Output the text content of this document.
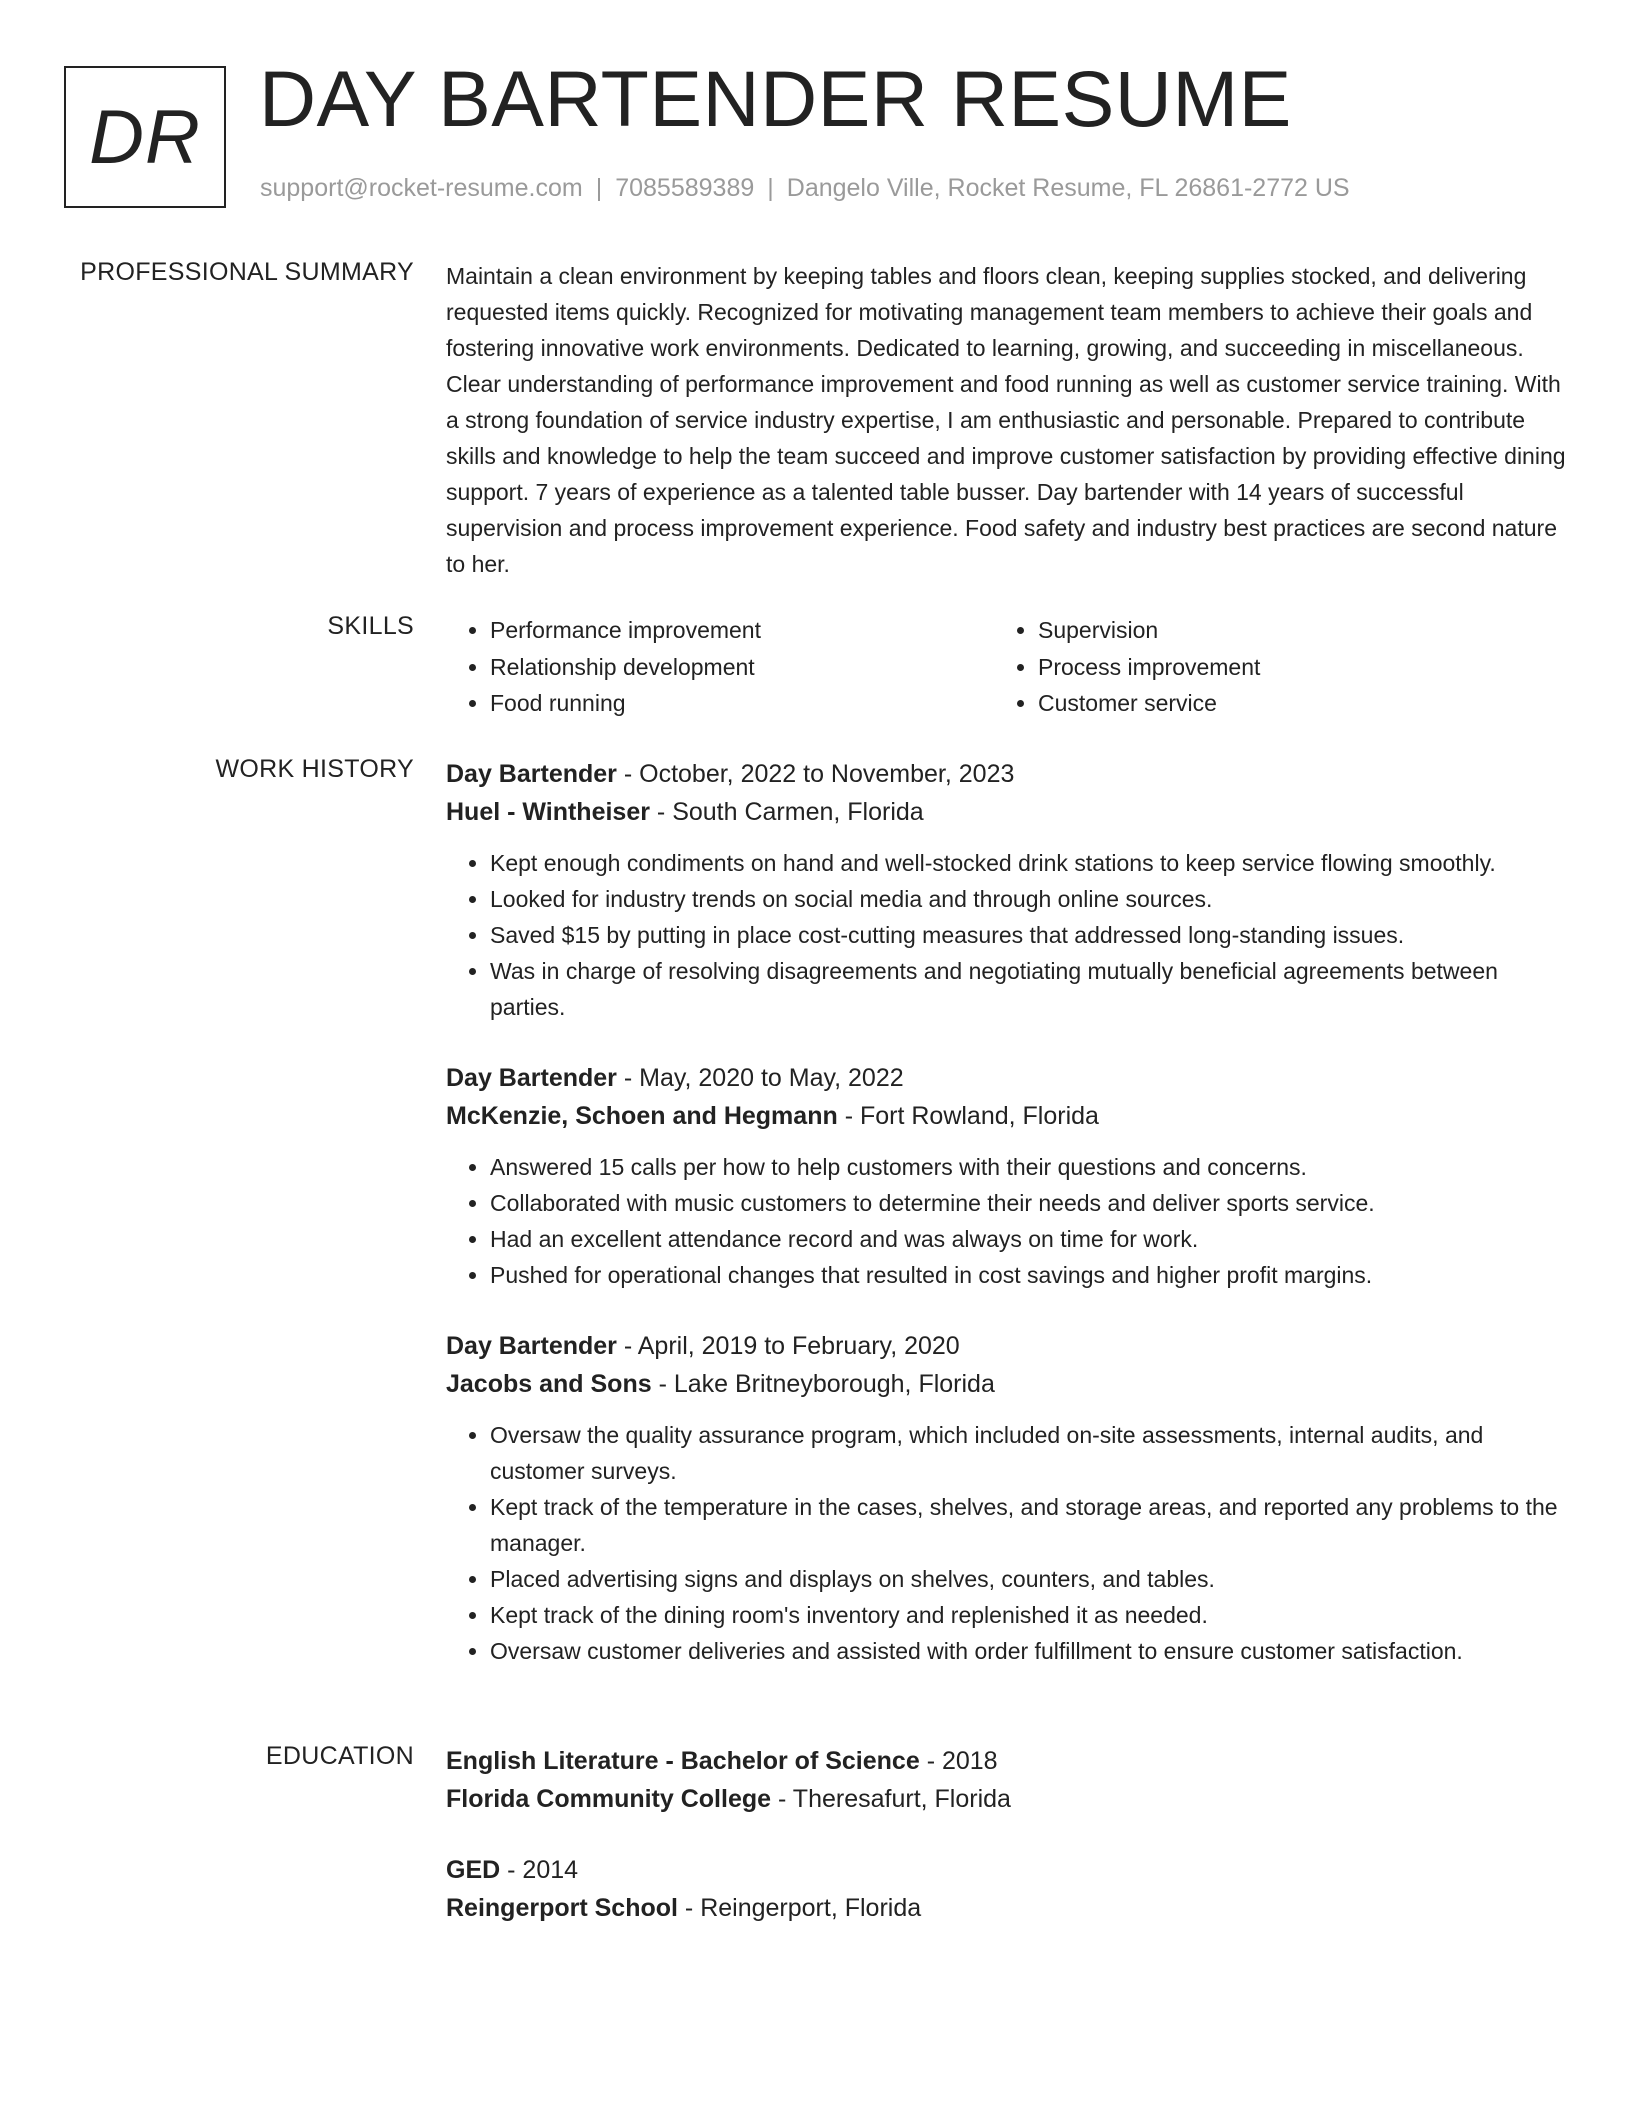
DR DAY BARTENDER RESUME
support@rocket-resume.com | 7085589389 | Dangelo Ville, Rocket Resume, FL 26861-2772 US
PROFESSIONAL SUMMARY Maintain a clean environment by keeping tables and floors clean, keeping supplies stocked, and delivering requested items quickly. Recognized for motivating management team members to achieve their goals and fostering innovative work environments. Dedicated to learning, growing, and succeeding in miscellaneous. Clear understanding of performance improvement and food running as well as customer service training. With a strong foundation of service industry expertise, I am enthusiastic and personable. Prepared to contribute skills and knowledge to help the team succeed and improve customer satisfaction by providing effective dining support. 7 years of experience as a talented table busser. Day bartender with 14 years of successful supervision and process improvement experience. Food safety and industry best practices are second nature to her.

SKILLS
•	Performance improvement
• Relationship development
• Food running
• Supervision
• Process improvement
• Customer service
WORK HISTORY Day Bartender - October, 2022 to November, 2023
Huel - Wintheiser - South Carmen, Florida
• Kept enough condiments on hand and well-stocked drink stations to keep service flowing smoothly.
• Looked for industry trends on social media and through online sources.
• Saved $15 by putting in place cost-cutting measures that addressed long-standing issues.
• Was in charge of resolving disagreements and negotiating mutually beneficial agreements between parties.
Day Bartender - May, 2020 to May, 2022
McKenzie, Schoen and Hegmann - Fort Rowland, Florida
• Answered 15 calls per how to help customers with their questions and concerns.
• Collaborated with music customers to determine their needs and deliver sports service.
• Had an excellent attendance record and was always on time for work.
• Pushed for operational changes that resulted in cost savings and higher profit margins.
Day Bartender - April, 2019 to February, 2020
Jacobs and Sons - Lake Britneyborough, Florida
• Oversaw the quality assurance program, which included on-site assessments, internal audits, and customer surveys.
• Kept track of the temperature in the cases, shelves, and storage areas, and reported any problems to the manager.
• Placed advertising signs and displays on shelves, counters, and tables.
• Kept track of the dining room's inventory and replenished it as needed.
• Oversaw customer deliveries and assisted with order fulfillment to ensure customer satisfaction.
EDUCATION English Literature - Bachelor of Science - 2018
Florida Community College - Theresafurt, Florida
GED - 2014
Reingerport School - Reingerport, Florida
